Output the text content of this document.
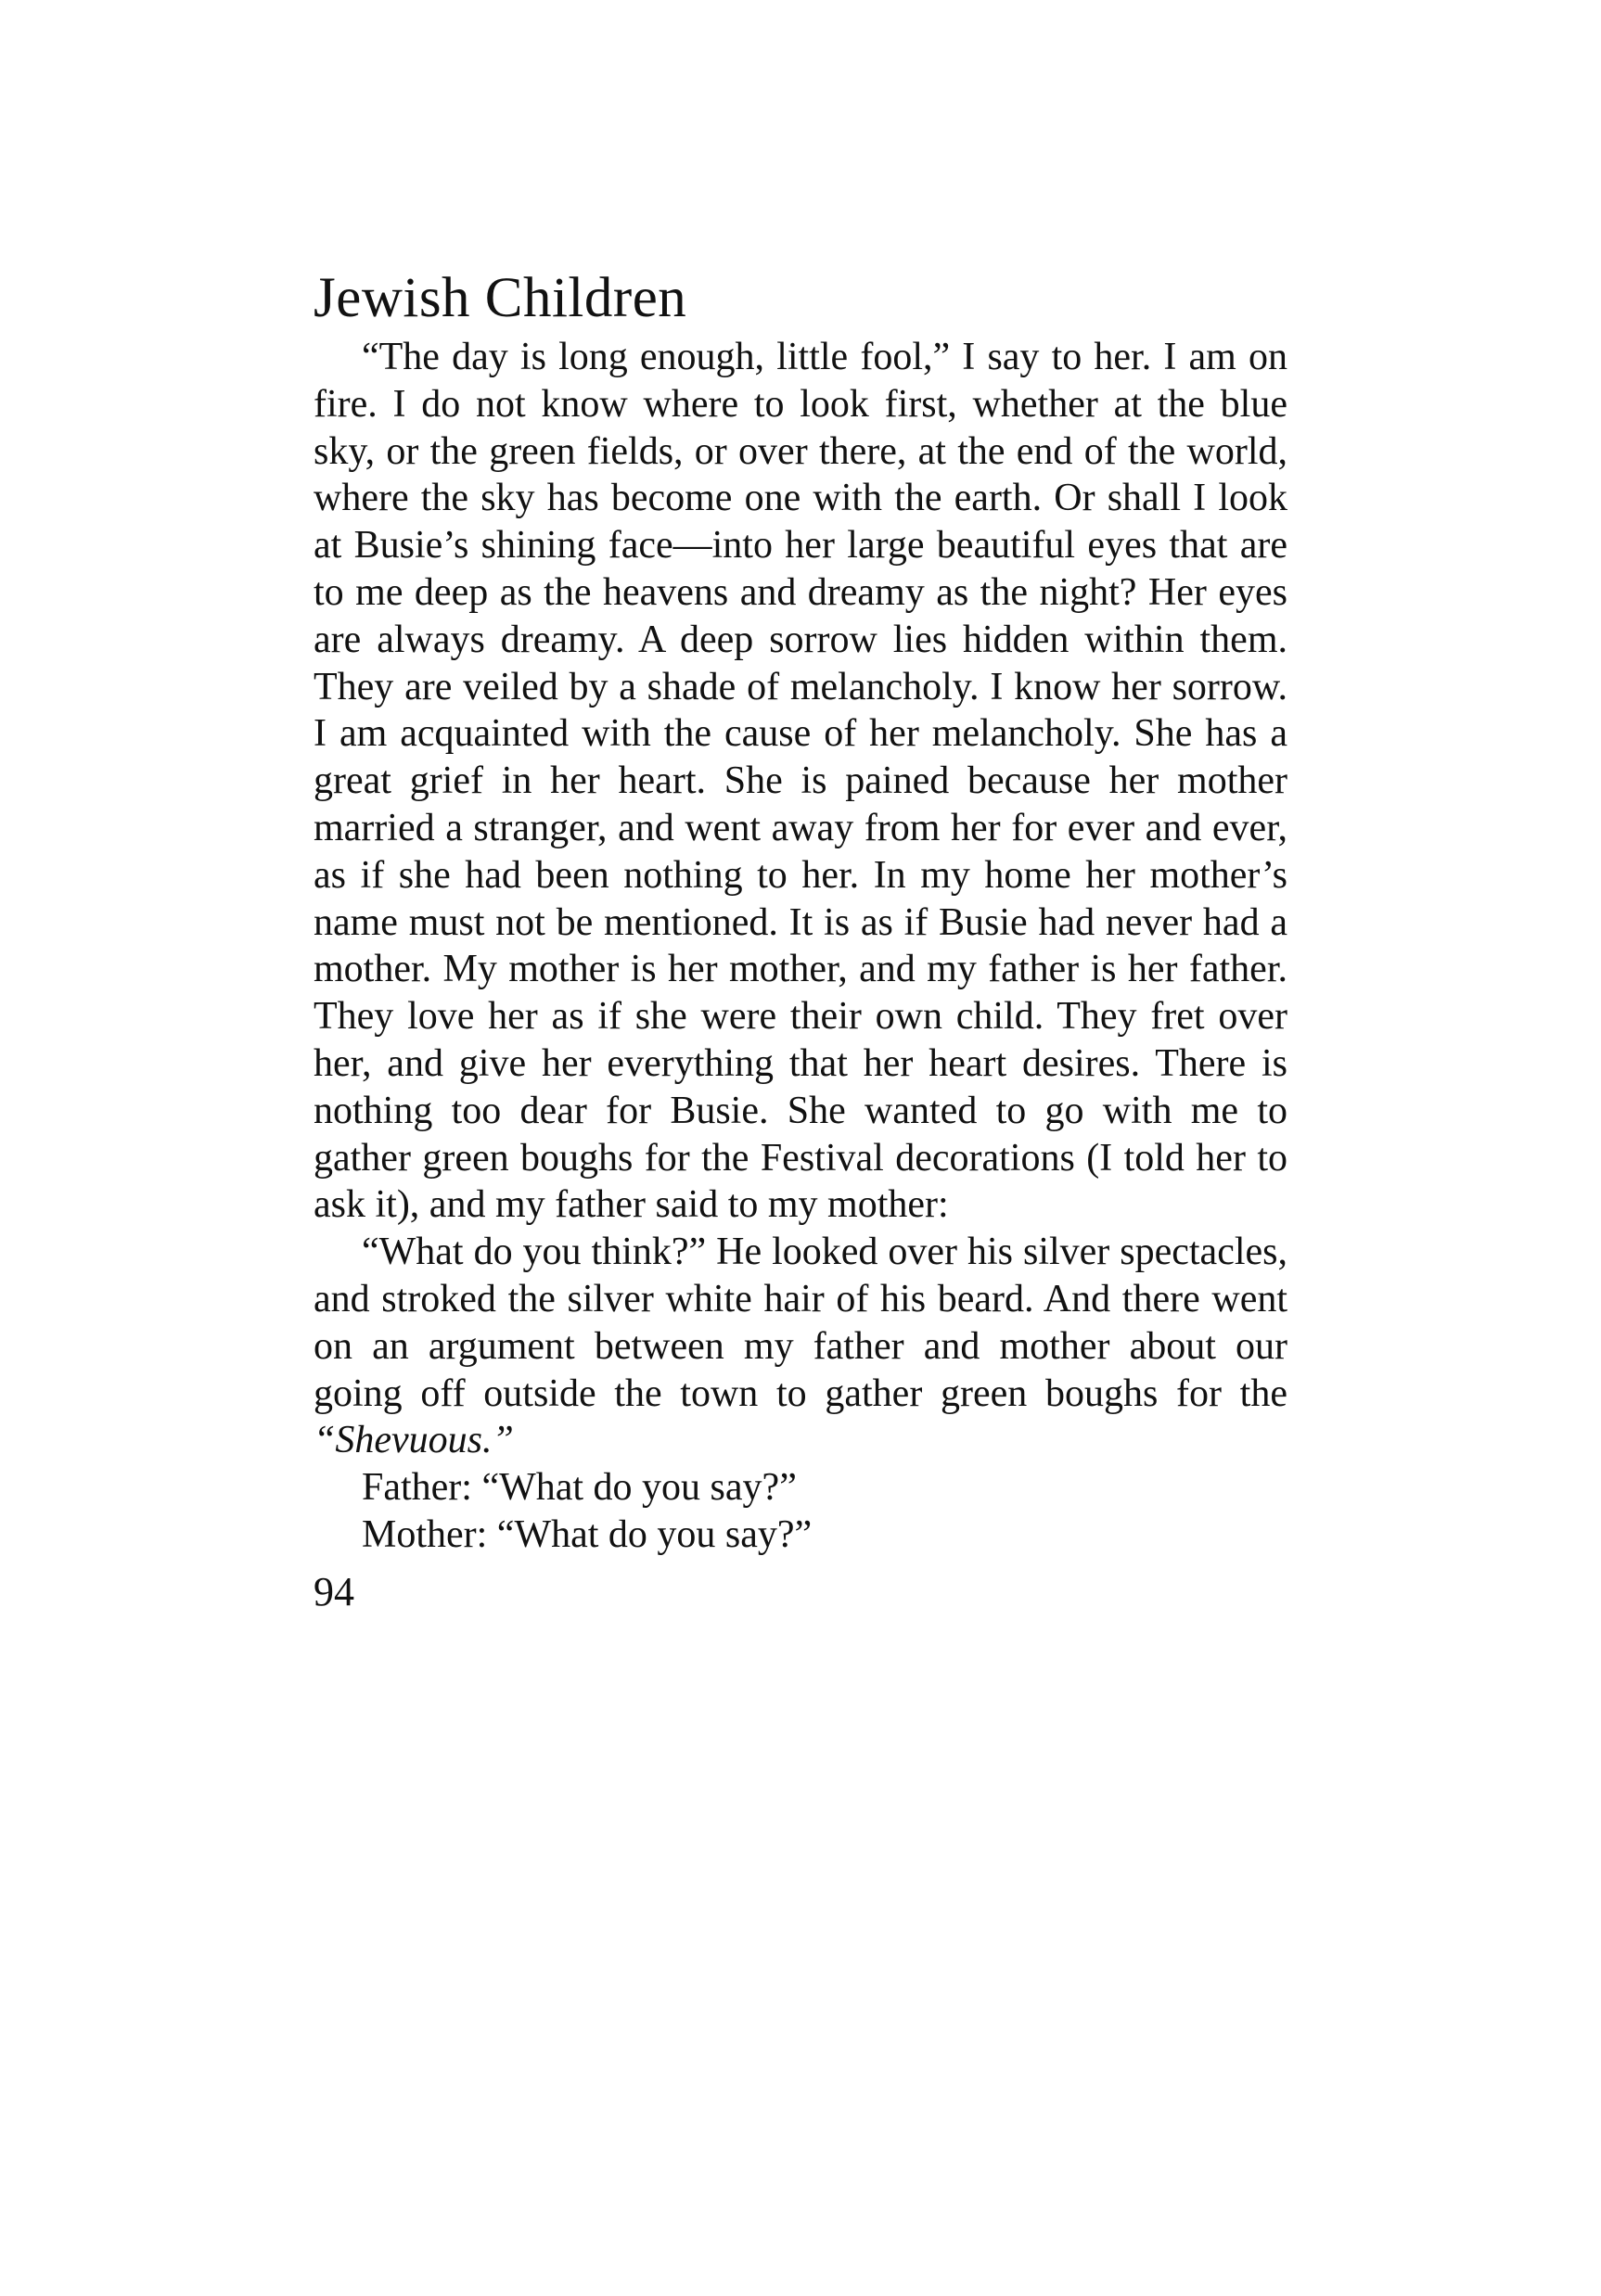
Jewish Children

“The day is long enough, little fool,” I say to her. I am on fire. I do not know where to look first, whether at the blue sky, or the green fields, or over there, at the end of the world, where the sky has become one with the earth. Or shall I look at Busie’s shining face—into her large beautiful eyes that are to me deep as the heavens and dreamy as the night? Her eyes are always dreamy. A deep sorrow lies hidden within them. They are veiled by a shade of melancholy. I know her sorrow. I am acquainted with the cause of her melancholy. She has a great grief in her heart. She is pained because her mother married a stranger, and went away from her for ever and ever, as if she had been nothing to her. In my home her mother’s name must not be mentioned. It is as if Busie had never had a mother. My mother is her mother, and my father is her father. They love her as if she were their own child. They fret over her, and give her everything that her heart desires. There is nothing too dear for Busie. She wanted to go with me to gather green boughs for the Festival decorations (I told her to ask it), and my father said to my mother:

“What do you think?” He looked over his silver spectacles, and stroked the silver white hair of his beard. And there went on an argument between my father and mother about our going off outside the town to gather green boughs for the “Shevuous.”

Father: “What do you say?”

Mother: “What do you say?”

94
